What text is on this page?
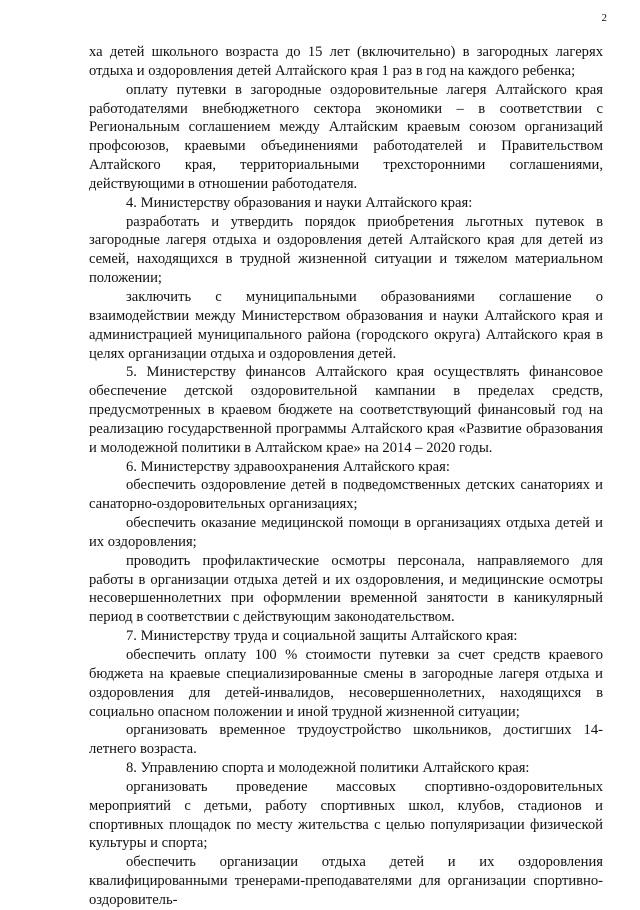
2

ха детей школьного возраста до 15 лет (включительно) в загородных лагерях отдыха и оздоровления детей Алтайского края 1 раз в год на каждого ребенка;

оплату путевки в загородные оздоровительные лагеря Алтайского края работодателями внебюджетного сектора экономики – в соответствии с Региональным соглашением между Алтайским краевым союзом организаций профсоюзов, краевыми объединениями работодателей и Правительством Алтайского края, территориальными трехсторонними соглашениями, действующими в отношении работодателя.

4. Министерству образования и науки Алтайского края:

разработать и утвердить порядок приобретения льготных путевок в загородные лагеря отдыха и оздоровления детей Алтайского края для детей из семей, находящихся в трудной жизненной ситуации и тяжелом материальном положении;

заключить с муниципальными образованиями соглашение о взаимодействии между Министерством образования и науки Алтайского края и администрацией муниципального района (городского округа) Алтайского края в целях организации отдыха и оздоровления детей.

5. Министерству финансов Алтайского края осуществлять финансовое обеспечение детской оздоровительной кампании в пределах средств, предусмотренных в краевом бюджете на соответствующий финансовый год на реализацию государственной программы Алтайского края «Развитие образования и молодежной политики в Алтайском крае» на 2014 – 2020 годы.

6. Министерству здравоохранения Алтайского края:

обеспечить оздоровление детей в подведомственных детских санаториях и санаторно-оздоровительных организациях;

обеспечить оказание медицинской помощи в организациях отдыха детей и их оздоровления;

проводить профилактические осмотры персонала, направляемого для работы в организации отдыха детей и их оздоровления, и медицинские осмотры несовершеннолетних при оформлении временной занятости в каникулярный период в соответствии с действующим законодательством.

7. Министерству труда и социальной защиты Алтайского края:

обеспечить оплату 100 % стоимости путевки за счет средств краевого бюджета на краевые специализированные смены в загородные лагеря отдыха и оздоровления для детей-инвалидов, несовершеннолетних, находящихся в социально опасном положении и иной трудной жизненной ситуации;

организовать временное трудоустройство школьников, достигших 14-летнего возраста.

8. Управлению спорта и молодежной политики Алтайского края:

организовать проведение массовых спортивно-оздоровительных мероприятий с детьми, работу спортивных школ, клубов, стадионов и спортивных площадок по месту жительства с целью популяризации физической культуры и спорта;

обеспечить организации отдыха детей и их оздоровления квалифицированными тренерами-преподавателями для организации спортивно-оздоровитель-
